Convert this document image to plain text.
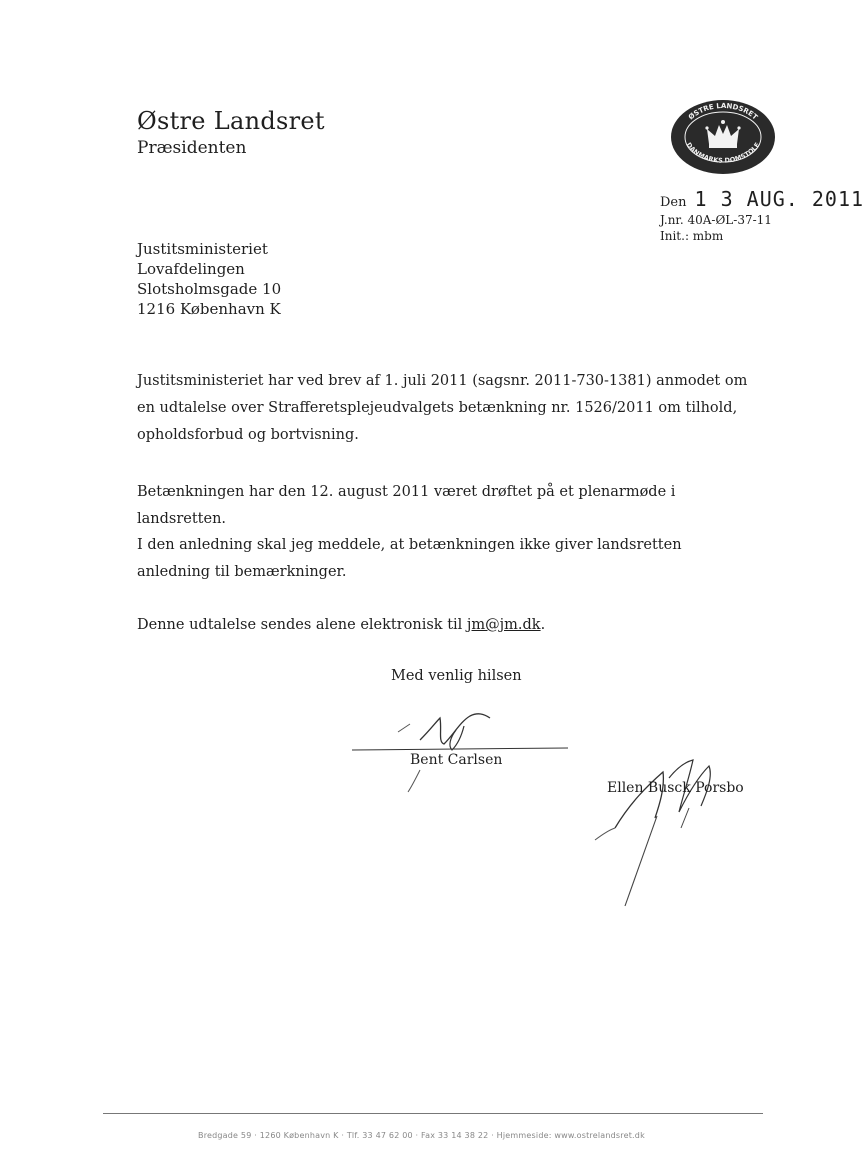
Østre Landsret
Præsidenten
ØSTRE LANDSRET
DANMARKS DOMSTOLE
Den 1 3 AUG. 2011
J.nr. 40A-ØL-37-11
Init.: mbm
Justitsministeriet
Lovafdelingen
Slotsholmsgade 10
1216 København K

Justitsministeriet har ved brev af 1. juli 2011 (sagsnr. 2011-730-1381) anmodet om en udtalelse over Strafferetsplejeudvalgets betænkning nr. 1526/2011 om tilhold, opholdsforbud og bortvisning.

Betænkningen har den 12. august 2011 været drøftet på et plenarmøde i landsretten.

I den anledning skal jeg meddele, at betænkningen ikke giver landsretten anledning til bemærkninger.

Denne udtalelse sendes alene elektronisk til jm@jm.dk.

Med venlig hilsen
Bent Carlsen
Ellen Busck Porsbo
Bredgade 59 · 1260 København K · Tlf. 33 47 62 00 · Fax 33 14 38 22 · Hjemmeside: www.ostrelandsret.dk
